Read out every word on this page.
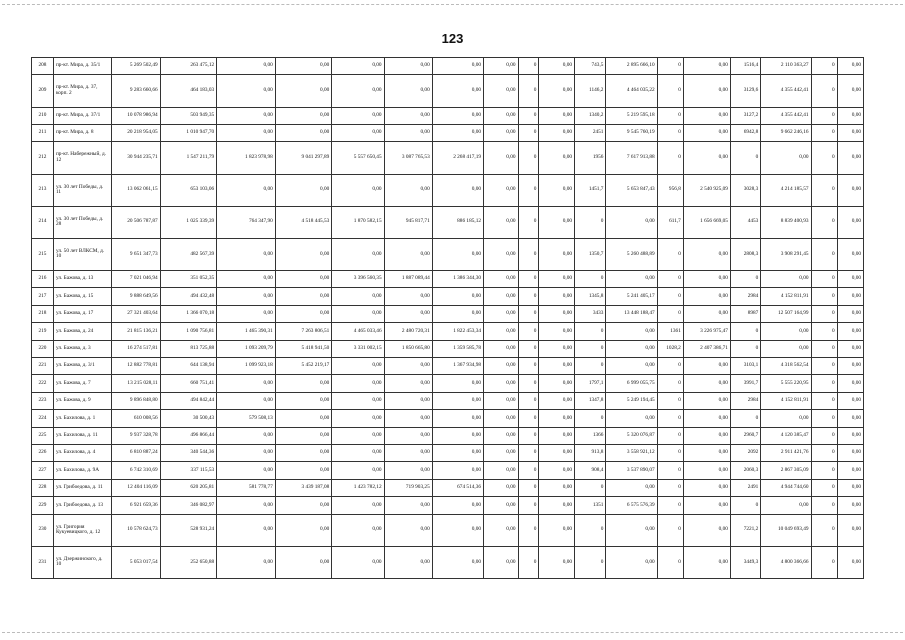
123
208	пр-кт. Мира, д. 35/1	5 269 502,49	263 475,12	0,00	0,00	0,00	0,00	0,00	0,00	0	0,00	743,5	2 895 666,10	0	0,00	1516,4	2 110 363,27	0	0,00
209	пр-кт. Мира, д. 37, корп. 2	9 283 660,66	464 183,03	0,00	0,00	0,00	0,00	0,00	0,00	0	0,00	1146,2	4 464 035,22	0	0,00	3129,6	4 355 442,41	0	0,00
210	пр-кт. Мира, д. 37/1	10 078 986,94	503 949,35	0,00	0,00	0,00	0,00	0,00	0,00	0	0,00	1340,2	5 219 595,18	0	0,00	3127,2	4 355 442,41	0	0,00
211	пр-кт. Мира, д. 8	20 218 954,05	1 010 947,70	0,00	0,00	0,00	0,00	0,00	0,00	0	0,00	2451	9 545 760,19	0	0,00	6942,8	9 662 246,16	0	0,00
212	пр-кт. Набережный, д. 12	30 944 235,71	1 547 211,79	1 823 978,98	9 041 297,89	5 557 650,45	3 087 765,53	2 268 417,19	0,00	0	0,00	1956	7 617 913,88	0	0,00	0	0,00	0	0,00
213	ул. 30 лет Победы, д. 11	13 062 061,15	653 103,06	0,00	0,00	0,00	0,00	0,00	0,00	0	0,00	1451,7	5 653 847,43	956,8	2 540 925,09	3028,3	4 214 185,57	0	0,00
214	ул. 30 лет Победы, д. 28	20 506 787,87	1 025 339,39	764 347,90	4 518 445,53	1 870 582,15	945 817,71	886 185,12	0,00	0	0,00	0	0,00	611,7	1 656 669,05	4453	8 839 400,93	0	0,00
215	ул. 50 лет ВЛКСМ, д. 10	9 651 347,73	482 567,39	0,00	0,00	0,00	0,00	0,00	0,00	0	0,00	1350,7	5 260 488,89	0	0,00	2808,3	3 908 291,45	0	0,00
216	ул. Бажова, д. 13	7 021 046,94	351 052,35	0,00	0,00	3 396 560,35	1 887 089,44	1 386 344,30	0,00	0	0,00	0	0,00	0	0,00	0	0,00	0	0,00
217	ул. Бажова, д. 15	9 888 649,56	494 432,48	0,00	0,00	0,00	0,00	0,00	0,00	0	0,00	1345,8	5 241 405,17	0	0,00	2984	4 152 811,91	0	0,00
218	ул. Бажова, д. 17	27 321 403,64	1 366 070,18	0,00	0,00	0,00	0,00	0,00	0,00	0	0,00	3433	13 448 188,47	0	0,00	8987	12 507 164,99	0	0,00
219	ул. Бажова, д. 24	21 815 136,21	1 090 756,81	1 465 390,31	7 263 806,51	4 465 033,46	2 480 720,31	1 822 453,34	0,00	0	0,00	0	0,00	1361	3 226 975,47	0	0,00	0	0,00
220	ул. Бажова, д. 3	16 274 517,81	813 725,88	1 093 209,79	5 418 941,50	3 331 002,15	1 850 665,80	1 359 585,78	0,00	0	0,00	0	0,00	1028,2	2 407 386,71	0	0,00	0	0,00
221	ул. Бажова, д. 3/1	12 882 778,81	644 138,94	1 099 923,18	5 452 219,17	0,00	0,00	1 367 934,98	0,00	0	0,00	0	0,00	0	0,00	3103,1	4 318 562,54	0	0,00
222	ул. Бажова, д. 7	13 215 028,11	660 751,41	0,00	0,00	0,00	0,00	0,00	0,00	0	0,00	1797,1	6 999 055,75	0	0,00	3991,7	5 555 220,95	0	0,00
223	ул. Бажова, д. 9	9 896 848,80	494 842,44	0,00	0,00	0,00	0,00	0,00	0,00	0	0,00	1347,8	5 249 194,45	0	0,00	2984	4 152 811,91	0	0,00
224	ул. Бахилова, д. 1	610 008,56	30 500,43	579 508,13	0,00	0,00	0,00	0,00	0,00	0	0,00	0	0,00	0	0,00	0	0,00	0	0,00
225	ул. Бахилова, д. 11	9 937 328,78	496 866,44	0,00	0,00	0,00	0,00	0,00	0,00	0	0,00	1366	5 320 076,87	0	0,00	2960,7	4 120 385,47	0	0,00
226	ул. Бахилова, д. 4	6 810 887,24	340 544,36	0,00	0,00	0,00	0,00	0,00	0,00	0	0,00	913,8	3 558 921,12	0	0,00	2092	2 911 421,76	0	0,00
227	ул. Бахилова, д. 9А	6 742 310,69	337 115,53	0,00	0,00	0,00	0,00	0,00	0,00	0	0,00	908,4	3 537 890,07	0	0,00	2060,3	2 867 305,09	0	0,00
228	ул. Грибоедова, д. 11	12 404 116,09	620 205,81	581 778,77	3 439 187,08	1 423 782,12	719 903,25	674 514,36	0,00	0	0,00	0	0,00	0	0,00	2491	4 944 744,60	0	0,00
229	ул. Грибоедова, д. 13	6 921 659,36	346 082,97	0,00	0,00	0,00	0,00	0,00	0,00	0	0,00	1351	6 575 576,39	0	0,00	0	0,00	0	0,00
230	ул. Григория Кукуевицкого, д. 12	10 578 624,73	528 931,24	0,00	0,00	0,00	0,00	0,00	0,00	0	0,00	0	0,00	0	0,00	7221,2	10 049 693,49	0	0,00
231	ул. Дзержинского, д. 10	5 053 017,54	252 650,88	0,00	0,00	0,00	0,00	0,00	0,00	0	0,00	0	0,00	0	0,00	3449,3	4 800 366,66	0	0,00
